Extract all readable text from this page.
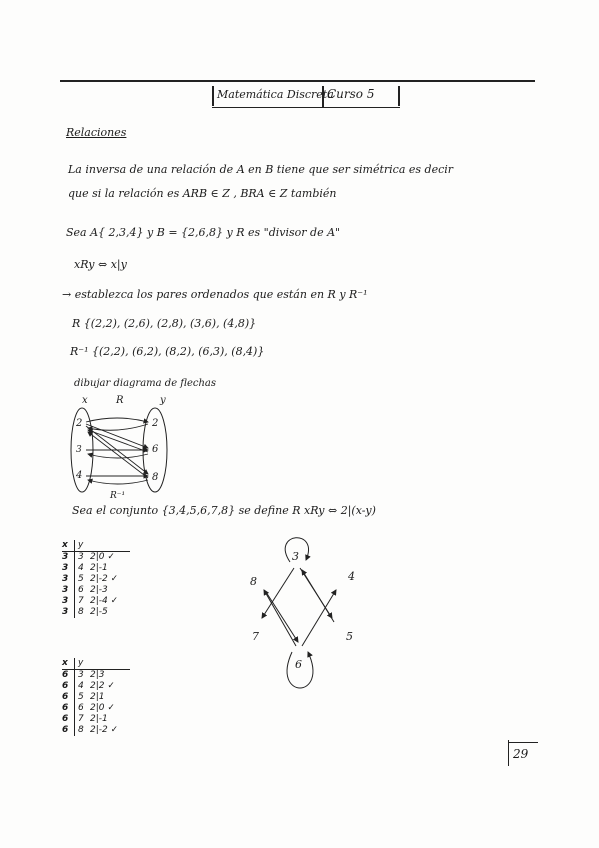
Matemática Discreta
Curso 5
Relaciones
La inversa de una relación de A en B tiene que ser simétrica es decir
que si la relación es ARB ∈ Z , BRA ∈ Z también
Sea A{ 2,3,4} y B = {2,6,8} y R es "divisor de A"
xRy ⇔ x|y
→ establezca los pares ordenados que están en R y R⁻¹
R {(2,2), (2,6), (2,8), (3,6), (4,8)}
R⁻¹ {(2,2), (6,2), (8,2), (6,3), (8,4)}
dibujar diagrama de flechas
x	R	y
2
3
4
2
6
8
R⁻¹
Sea el conjunto {3,4,5,6,7,8} se define R xRy ⇔ 2|(x-y)
x	y
3	3 2|0 ✓
3	4 2|-1
3	5 2|-2 ✓
3	6 2|-3
3	7 2|-4 ✓
3	8 2|-5
x	y
6	3 2|3
6	4 2|2 ✓
6	5 2|1
6	6 2|0 ✓
6	7 2|-1
6	8 2|-2 ✓
3
4
5
6
7
8
29
